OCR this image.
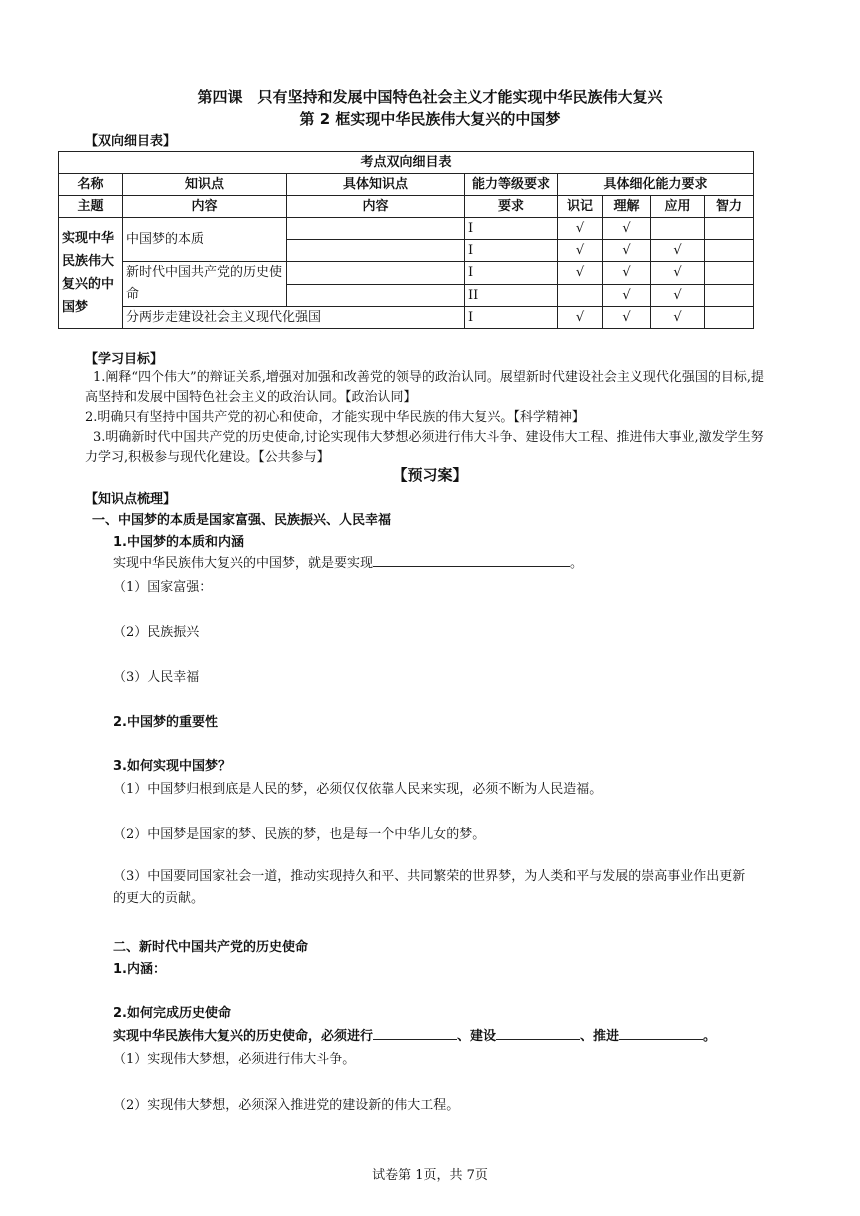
第四课　只有坚持和发展中国特色社会主义才能实现中华民族伟大复兴
第 2 框实现中华民族伟大复兴的中国梦
【双向细目表】
考点双向细目表							
名称	知识点	具体知识点	能力等级要求	具体细化能力要求			
主题	内容	内容	要求	识记	理解	应用	智力
实现中华民族伟大复兴的中国梦	中国梦的本质		Ⅰ	√	√		
			Ⅰ	√	√	√	
	新时代中国共产党的历史使命		Ⅰ	√	√	√	
			ⅠⅠ		√	√	
	分两步走建设社会主义现代化强国		Ⅰ	√	√	√	
【学习目标】
1.阐释“四个伟大”的辩证关系,增强对加强和改善党的领导的政治认同。展望新时代建设社会主义现代化强国的目标,提高坚持和发展中国特色社会主义的政治认同。【政治认同】
2.明确只有坚持中国共产党的初心和使命，才能实现中华民族的伟大复兴。【科学精神】
3.明确新时代中国共产党的历史使命,讨论实现伟大梦想必须进行伟大斗争、建设伟大工程、推进伟大事业,激发学生努力学习,积极参与现代化建设。【公共参与】
【预习案】
【知识点梳理】
一、中国梦的本质是国家富强、民族振兴、人民幸福
1.中国梦的本质和内涵
实现中华民族伟大复兴的中国梦，就是要实现	。
（1）国家富强：
（2）民族振兴
（3）人民幸福
2.中国梦的重要性
3.如何实现中国梦？
（1）中国梦归根到底是人民的梦，必须仅仅依靠人民来实现，必须不断为人民造福。
（2）中国梦是国家的梦、民族的梦，也是每一个中华儿女的梦。
（3）中国要同国家社会一道，推动实现持久和平、共同繁荣的世界梦，为人类和平与发展的崇高事业作出更新的更大的贡献。
二、新时代中国共产党的历史使命
1.内涵：
2.如何完成历史使命
实现中华民族伟大复兴的历史使命，必须进行	、建设	、推进	。
（1）实现伟大梦想，必须进行伟大斗争。
（2）实现伟大梦想，必须深入推进党的建设新的伟大工程。
试卷第 1页，共 7页
